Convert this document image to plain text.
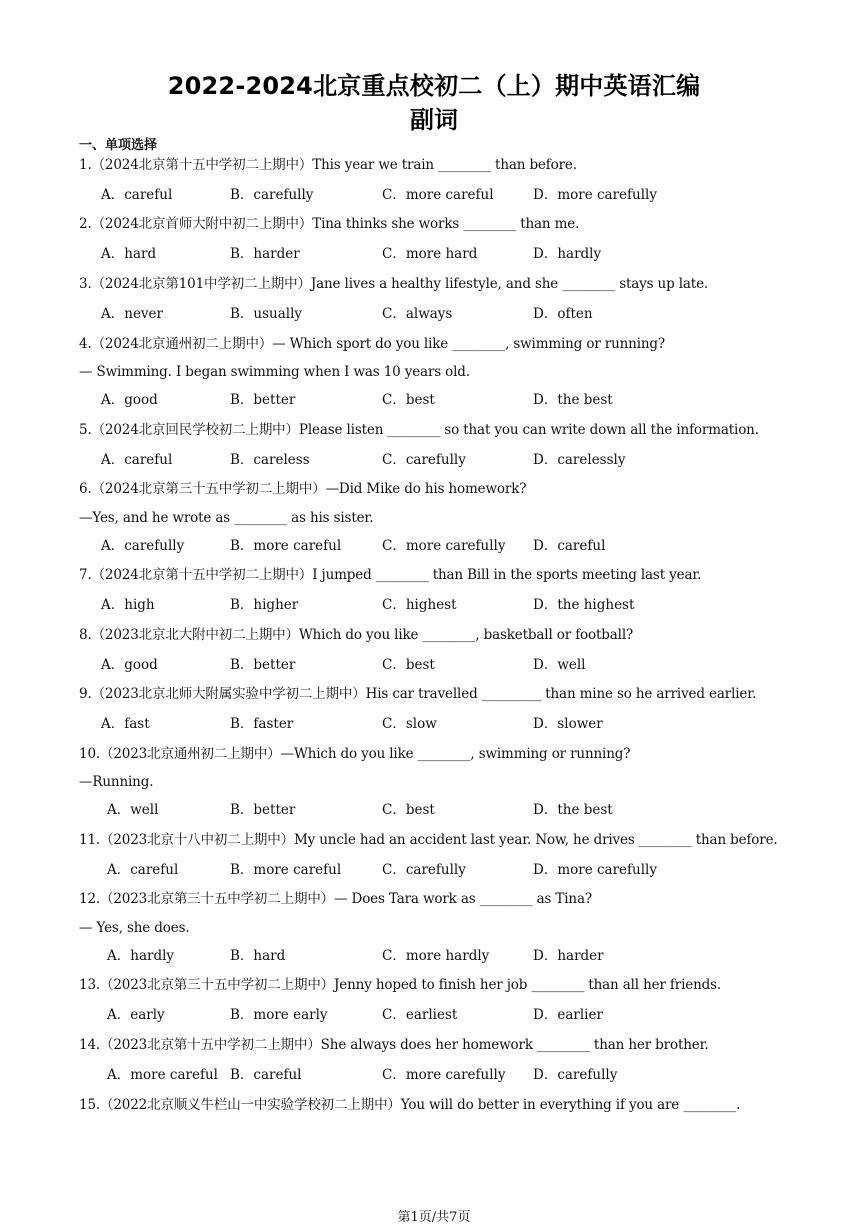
2022-2024北京重点校初二（上）期中英语汇编
副词
一、单项选择
1.（2024北京第十五中学初二上期中）This year we train ________ than before.
A．careful	B．carefully	C．more careful	D．more carefully
2.（2024北京首师大附中初二上期中）Tina thinks she works ________ than me.
A．hard	B．harder	C．more hard	D．hardly
3.（2024北京第101中学初二上期中）Jane lives a healthy lifestyle, and she ________ stays up late.
A．never	B．usually	C．always	D．often
4.（2024北京通州初二上期中）— Which sport do you like ________, swimming or running?
— Swimming. I began swimming when I was 10 years old.
A．good	B．better	C．best	D．the best
5.（2024北京回民学校初二上期中）Please listen ________ so that you can write down all the information.
A．careful	B．careless	C．carefully	D．carelessly
6.（2024北京第三十五中学初二上期中）—Did Mike do his homework?
—Yes, and he wrote as ________ as his sister.
A．carefully	B．more careful	C．more carefully D．careful
7.（2024北京第十五中学初二上期中）I jumped ________ than Bill in the sports meeting last year.
A．high	B．higher	C．highest	D．the highest
8.（2023北京北大附中初二上期中）Which do you like ________, basketball or football?
A．good	B．better	C．best	D．well
9.（2023北京北师大附属实验中学初二上期中）His car travelled _________ than mine so he arrived earlier.
A．fast	B．faster	C．slow	D．slower
10.（2023北京通州初二上期中）—Which do you like ________, swimming or running?
—Running.
A．well	B．better	C．best	D．the best
11.（2023北京十八中初二上期中）My uncle had an accident last year. Now, he drives ________ than before.
A．careful	B．more careful	C．carefully	D．more carefully
12.（2023北京第三十五中学初二上期中）— Does Tara work as ________ as Tina?
— Yes, she does.
A．hardly	B．hard	C．more hardly	D．harder
13.（2023北京第三十五中学初二上期中）Jenny hoped to finish her job ________ than all her friends.
A．early	B．more early	C．earliest	D．earlier
14.（2023北京第十五中学初二上期中）She always does her homework ________ than her brother.
A．more careful B．careful	C．more carefully D．carefully
15.（2022北京顺义牛栏山一中实验学校初二上期中）You will do better in everything if you are ________.
第1页/共7页
